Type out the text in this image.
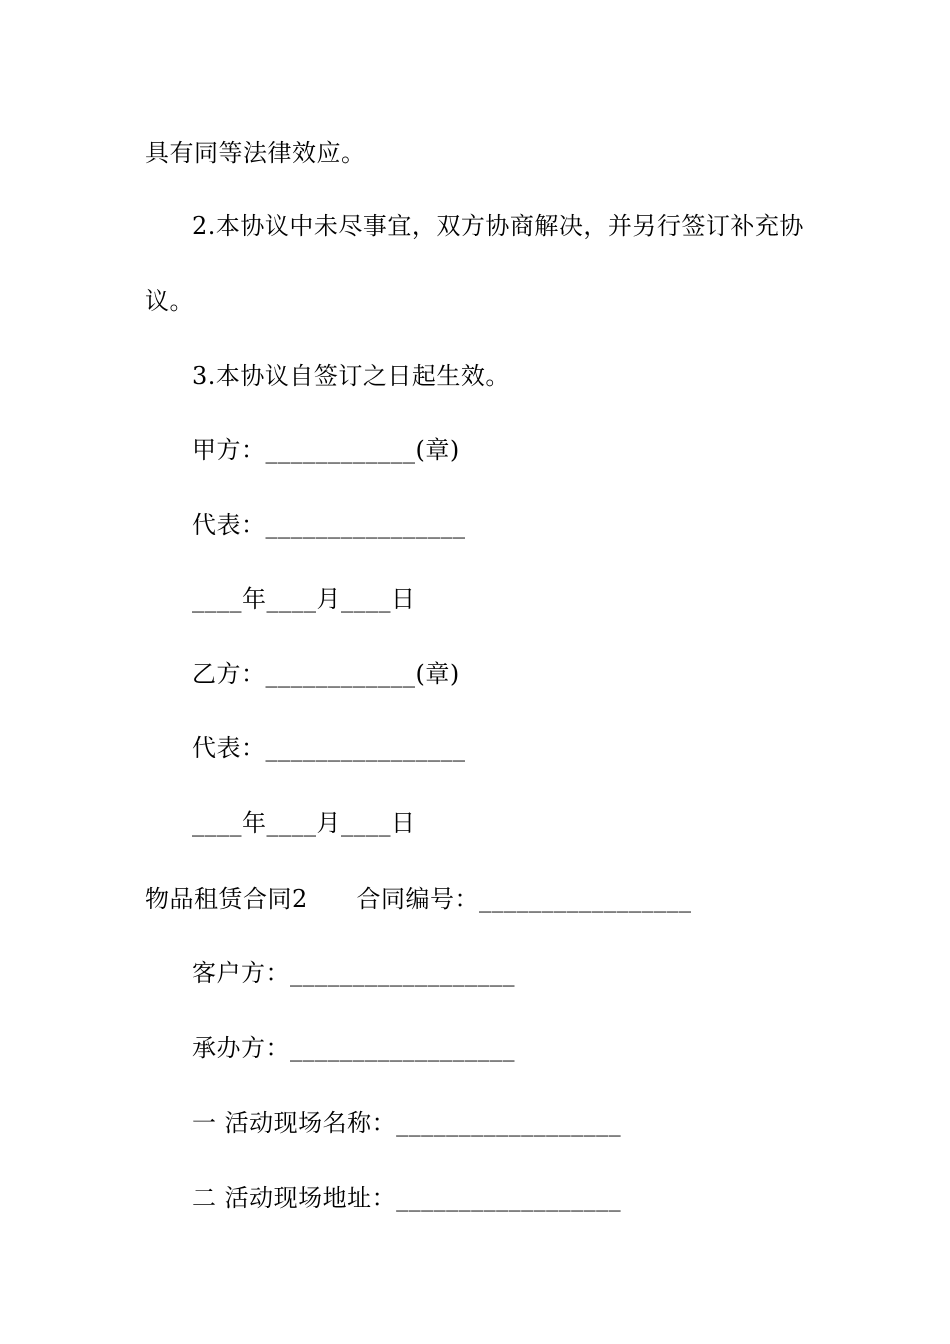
具有同等法律效应。
2.本协议中未尽事宜，双方协商解决，并另行签订补充协
议。
3.本协议自签订之日起生效。
甲方：____________(章)
代表：________________
____年____月____日
乙方：____________(章)
代表：________________
____年____月____日
物品租赁合同2      合同编号：_________________
客户方：__________________
承办方：__________________
一 活动现场名称：__________________
二 活动现场地址：__________________
